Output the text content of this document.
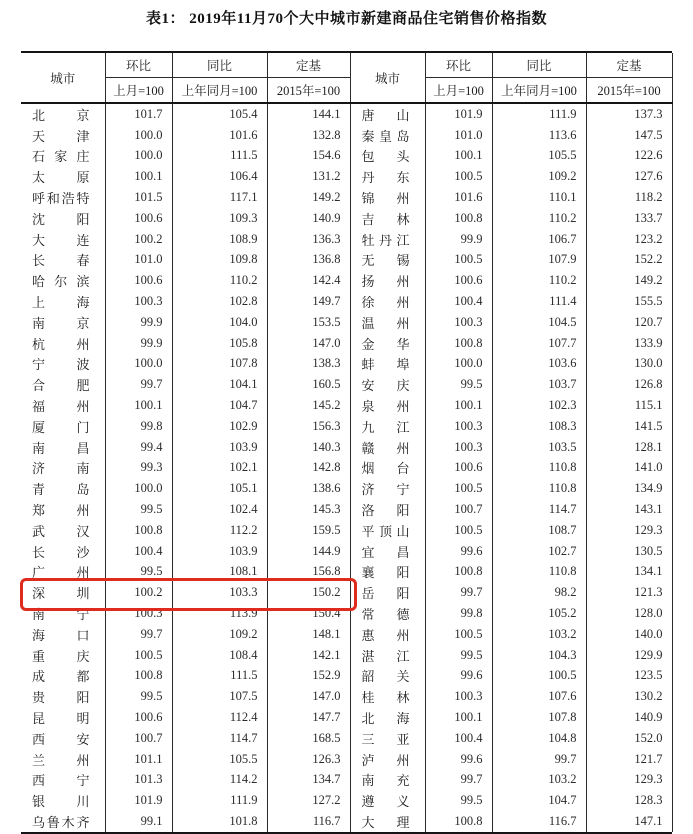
表1： 2019年11月70个大中城市新建商品住宅销售价格指数
城市	环比	同比	定基	城市	环比	同比	定基
	上月=100	上年同月=100	2015年=100		上月=100	上年同月=100	2015年=100
北京	101.7	105.4	144.1	唐山	101.9	111.9	137.3
天津	100.0	101.6	132.8	秦皇岛	101.0	113.6	147.5
石家庄	100.0	111.5	154.6	包头	100.1	105.5	122.6
太原	100.1	106.4	131.2	丹东	100.5	109.2	127.6
呼和浩特	101.5	117.1	149.2	锦州	101.6	110.1	118.2
沈阳	100.6	109.3	140.9	吉林	100.8	110.2	133.7
大连	100.2	108.9	136.3	牡丹江	99.9	106.7	123.2
长春	101.0	109.8	136.8	无锡	100.5	107.9	152.2
哈尔滨	100.6	110.2	142.4	扬州	100.6	110.2	149.2
上海	100.3	102.8	149.7	徐州	100.4	111.4	155.5
南京	99.9	104.0	153.5	温州	100.3	104.5	120.7
杭州	99.9	105.8	147.0	金华	100.8	107.7	133.9
宁波	100.0	107.8	138.3	蚌埠	100.0	103.6	130.0
合肥	99.7	104.1	160.5	安庆	99.5	103.7	126.8
福州	100.1	104.7	145.2	泉州	100.1	102.3	115.1
厦门	99.8	102.9	156.3	九江	100.3	108.3	141.5
南昌	99.4	103.9	140.3	赣州	100.3	103.5	128.1
济南	99.3	102.1	142.8	烟台	100.6	110.8	141.0
青岛	100.0	105.1	138.6	济宁	100.5	110.8	134.9
郑州	99.5	102.4	145.3	洛阳	100.7	114.7	143.1
武汉	100.8	112.2	159.5	平顶山	100.5	108.7	129.3
长沙	100.4	103.9	144.9	宜昌	99.6	102.7	130.5
广州	99.5	108.1	156.8	襄阳	100.8	110.8	134.1
深圳	100.2	103.3	150.2	岳阳	99.7	98.2	121.3
南宁	100.3	113.9	150.4	常德	99.8	105.2	128.0
海口	99.7	109.2	148.1	惠州	100.5	103.2	140.0
重庆	100.5	108.4	142.1	湛江	99.5	104.3	129.9
成都	100.8	111.5	152.9	韶关	99.6	100.5	123.5
贵阳	99.5	107.5	147.0	桂林	100.3	107.6	130.2
昆明	100.6	112.4	147.7	北海	100.1	107.8	140.9
西安	100.7	114.7	168.5	三亚	100.4	104.8	152.0
兰州	101.1	105.5	126.3	泸州	99.6	99.7	121.7
西宁	101.3	114.2	134.7	南充	99.7	103.2	129.3
银川	101.9	111.9	127.2	遵义	99.5	104.7	128.3
乌鲁木齐	99.1	101.8	116.7	大理	100.8	116.7	147.1
